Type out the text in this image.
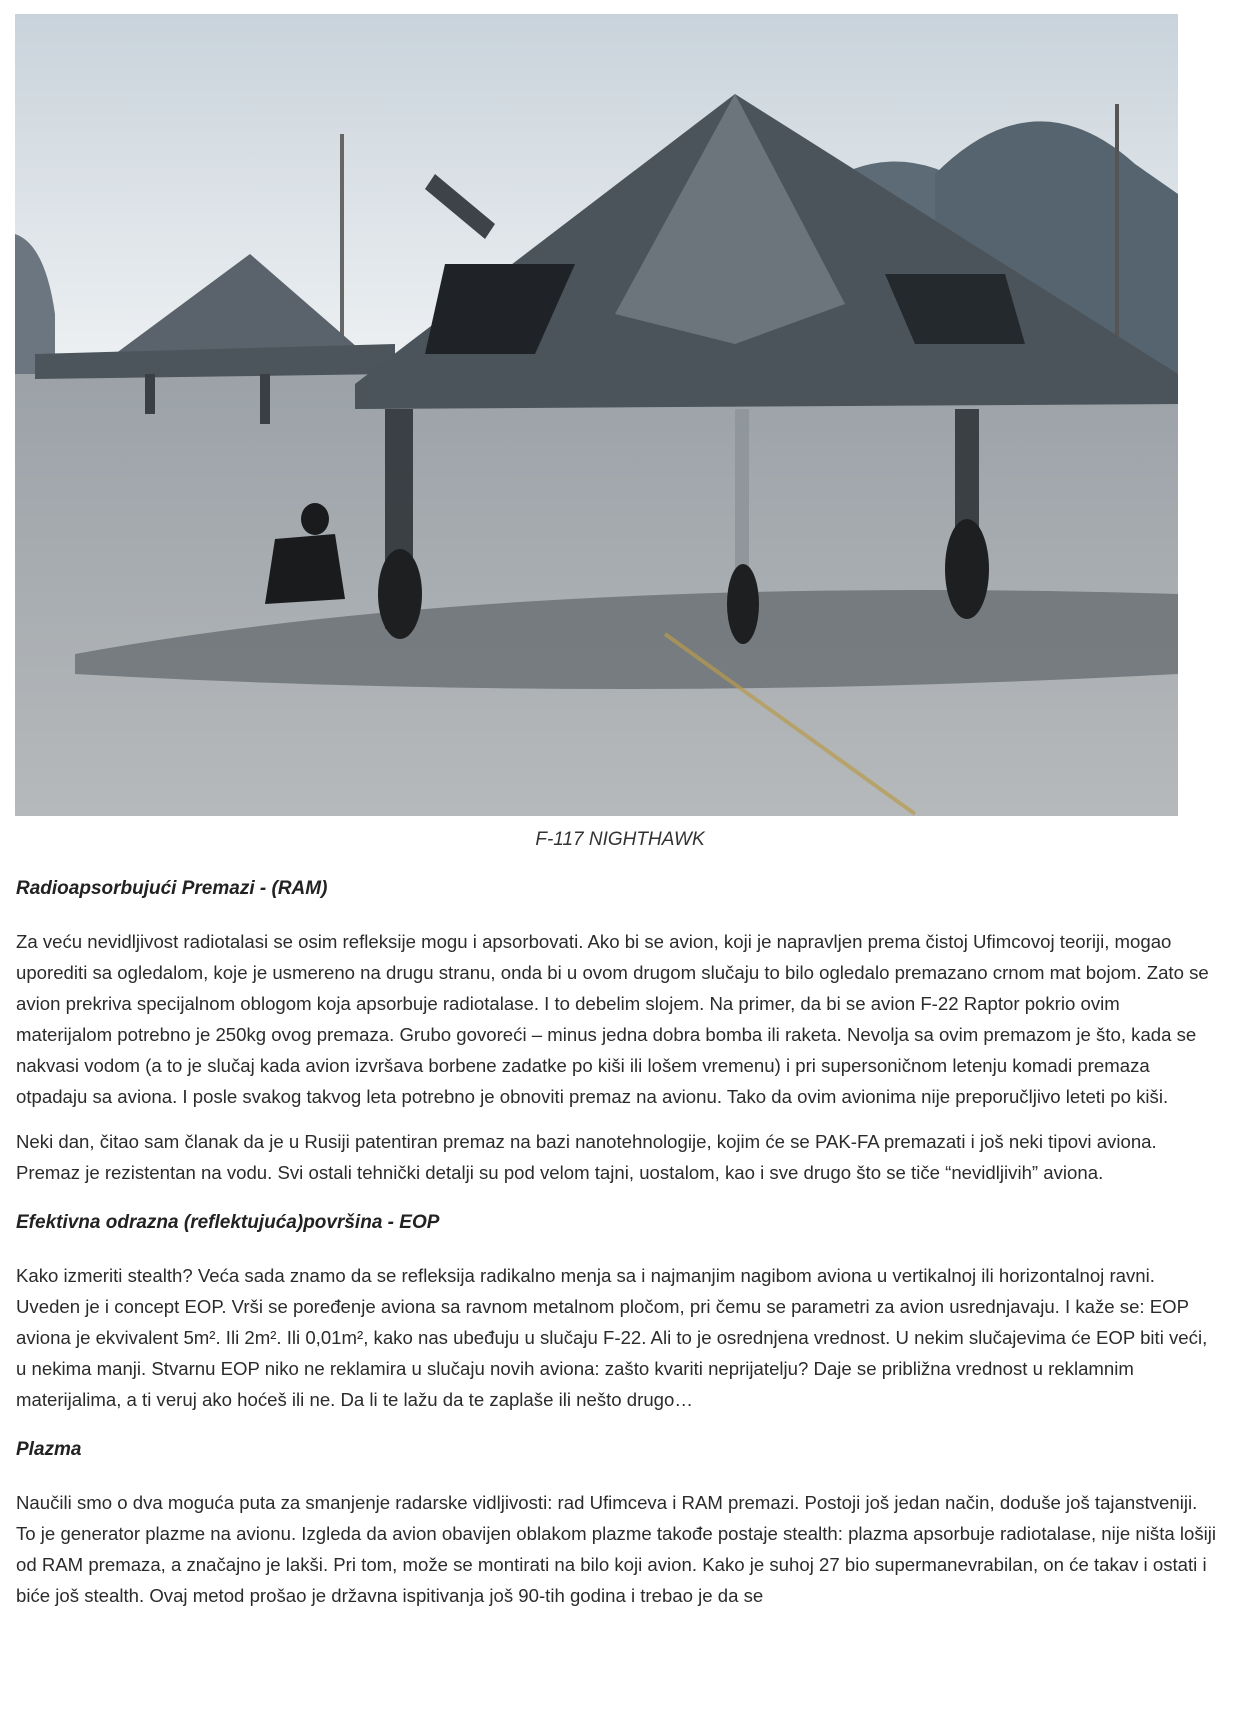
F-117 NIGHTHAWK
Radioapsorbujući Premazi - (RAM)

Za veću nevidljivost radiotalasi se osim refleksije mogu i apsorbovati. Ako bi se avion, koji je napravljen prema čistoj Ufimcovoj teoriji, mogao uporediti sa ogledalom, koje je usmereno na drugu stranu, onda bi u ovom drugom slučaju to bilo ogledalo premazano crnom mat bojom. Zato se avion prekriva specijalnom oblogom koja apsorbuje radiotalase. I to debelim slojem. Na primer, da bi se avion F-22 Raptor pokrio ovim materijalom potrebno je 250kg ovog premaza. Grubo govoreći – minus jedna dobra bomba ili raketa. Nevolja sa ovim premazom je što, kada se nakvasi vodom (a to je slučaj kada avion izvršava borbene zadatke po kiši ili lošem vremenu) i pri supersoničnom letenju komadi premaza otpadaju sa aviona. I posle svakog takvog leta potrebno je obnoviti premaz na avionu. Tako da ovim avionima nije preporučljivo leteti po kiši.

Neki dan, čitao sam članak da je u Rusiji patentiran premaz na bazi nanotehnologije, kojim će se PAK-FA premazati i još neki tipovi aviona. Premaz je rezistentan na vodu. Svi ostali tehnički detalji su pod velom tajni, uostalom, kao i sve drugo što se tiče “nevidljivih” aviona.

Efektivna odrazna (reflektujuća)površina - EOP

Kako izmeriti stealth? Veća sada znamo da se refleksija radikalno menja sa i najmanjim nagibom aviona u vertikalnoj ili horizontalnoj ravni. Uveden je i concept EOP. Vrši se poređenje aviona sa ravnom metalnom pločom, pri čemu se parametri za avion usrednjavaju. I kaže se: EOP aviona je ekvivalent 5m². Ili 2m². Ili 0,01m², kako nas ubeđuju u slučaju F-22. Ali to je osrednjena vrednost. U nekim slučajevima će EOP biti veći, u nekima manji. Stvarnu EOP niko ne reklamira u slučaju novih aviona: zašto kvariti neprijatelju? Daje se približna vrednost u reklamnim materijalima, a ti veruj ako hoćeš ili ne. Da li te lažu da te zaplaše ili nešto drugo…

Plazma

Naučili smo o dva moguća puta za smanjenje radarske vidljivosti: rad Ufimceva i RAM premazi. Postoji još jedan način, doduše još tajanstveniji. To je generator plazme na avionu. Izgleda da avion obavijen oblakom plazme takođe postaje stealth: plazma apsorbuje radiotalase, nije ništa lošiji od RAM premaza, a značajno je lakši. Pri tom, može se montirati na bilo koji avion. Kako je suhoj 27 bio supermanevrabilan, on će takav i ostati i biće još stealth. Ovaj metod prošao je državna ispitivanja još 90-tih godina i trebao je da se
